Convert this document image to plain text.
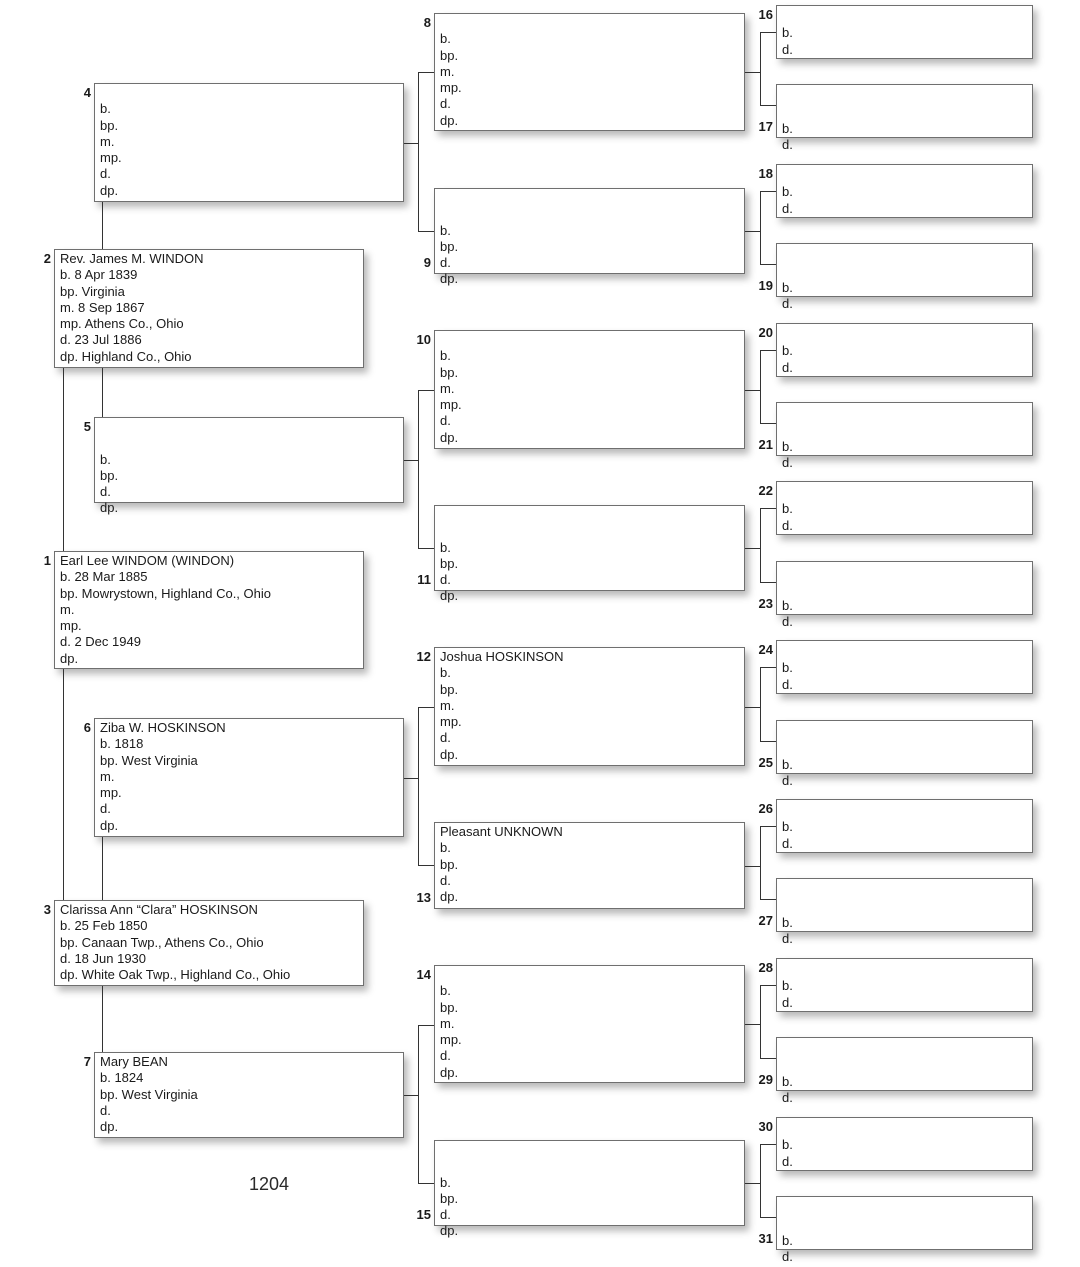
Earl Lee WINDOM (WINDON)
b. 28 Mar 1885
bp. Mowrystown, Highland Co., Ohio
m.
mp.
d. 2 Dec 1949
dp.
1
Rev. James M. WINDON
b. 8 Apr 1839
bp. Virginia
m. 8 Sep 1867
mp. Athens Co., Ohio
d. 23 Jul 1886
dp. Highland Co., Ohio
2
Clarissa Ann “Clara” HOSKINSON
b. 25 Feb 1850
bp. Canaan Twp., Athens Co., Ohio
d. 18 Jun 1930
dp. White Oak Twp., Highland Co., Ohio
3
b.
bp.
m.
mp.
d.
dp.
4
b.
bp.
d.
dp.
5
Ziba W. HOSKINSON
b. 1818
bp. West Virginia
m.
mp.
d.
dp.
6
Mary BEAN
b. 1824
bp. West Virginia
d.
dp.
7
b.
bp.
m.
mp.
d.
dp.
8
b.
bp.
d.
dp.
9
b.
bp.
m.
mp.
d.
dp.
10
b.
bp.
d.
dp.
11
Joshua HOSKINSON
b.
bp.
m.
mp.
d.
dp.
12
Pleasant UNKNOWN
b.
bp.
d.
dp.
13
b.
bp.
m.
mp.
d.
dp.
14
b.
bp.
d.
dp.
15
b.
d.
16
b.
d.
17
b.
d.
18
b.
d.
19
b.
d.
20
b.
d.
21
b.
d.
22
b.
d.
23
b.
d.
24
b.
d.
25
b.
d.
26
b.
d.
27
b.
d.
28
b.
d.
29
b.
d.
30
b.
d.
31
1204
